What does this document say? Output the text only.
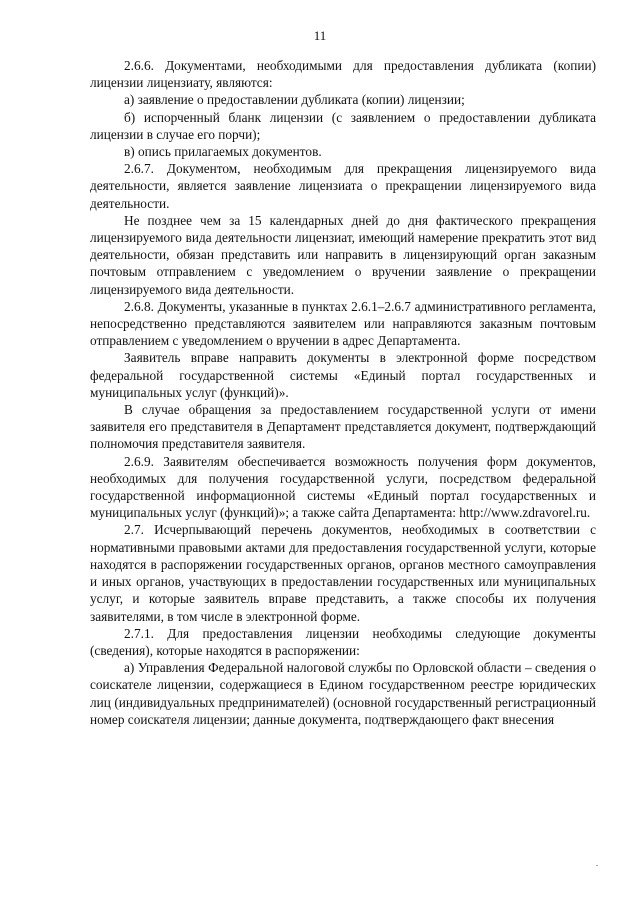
11

2.6.6. Документами, необходимыми для предоставления дубликата (копии) лицензии лицензиату, являются:

а) заявление о предоставлении дубликата (копии) лицензии;

б) испорченный бланк лицензии (с заявлением о предоставлении дубликата лицензии в случае его порчи);

в) опись прилагаемых документов.

2.6.7. Документом, необходимым для прекращения лицензируемого вида деятельности, является заявление лицензиата о прекращении лицензируемого вида деятельности.

Не позднее чем за 15 календарных дней до дня фактического прекращения лицензируемого вида деятельности лицензиат, имеющий намерение прекратить этот вид деятельности, обязан представить или направить в лицензирующий орган заказным почтовым отправлением с уведомлением о вручении заявление о прекращении лицензируемого вида деятельности.

2.6.8. Документы, указанные в пунктах 2.6.1–2.6.7 административного регламента, непосредственно представляются заявителем или направляются заказным почтовым отправлением с уведомлением о вручении в адрес Департамента.

Заявитель вправе направить документы в электронной форме посредством федеральной государственной системы «Единый портал государственных и муниципальных услуг (функций)».

В случае обращения за предоставлением государственной услуги от имени заявителя его представителя в Департамент представляется документ, подтверждающий полномочия представителя заявителя.

2.6.9. Заявителям обеспечивается возможность получения форм документов, необходимых для получения государственной услуги, посредством федеральной государственной информационной системы «Единый портал государственных и муниципальных услуг (функций)»; а также сайта Департамента: http://www.zdravorel.ru.

2.7. Исчерпывающий перечень документов, необходимых в соответствии с нормативными правовыми актами для предоставления государственной услуги, которые находятся в распоряжении государственных органов, органов местного самоуправления и иных органов, участвующих в предоставлении государственных или муниципальных услуг, и которые заявитель вправе представить, а также способы их получения заявителями, в том числе в электронной форме.

2.7.1. Для предоставления лицензии необходимы следующие документы (сведения), которые находятся в распоряжении:

а) Управления Федеральной налоговой службы по Орловской области – сведения о соискателе лицензии, содержащиеся в Едином государственном реестре юридических лиц (индивидуальных предпринимателей) (основной государственный регистрационный номер соискателя лицензии; данные документа, подтверждающего факт внесения

.
